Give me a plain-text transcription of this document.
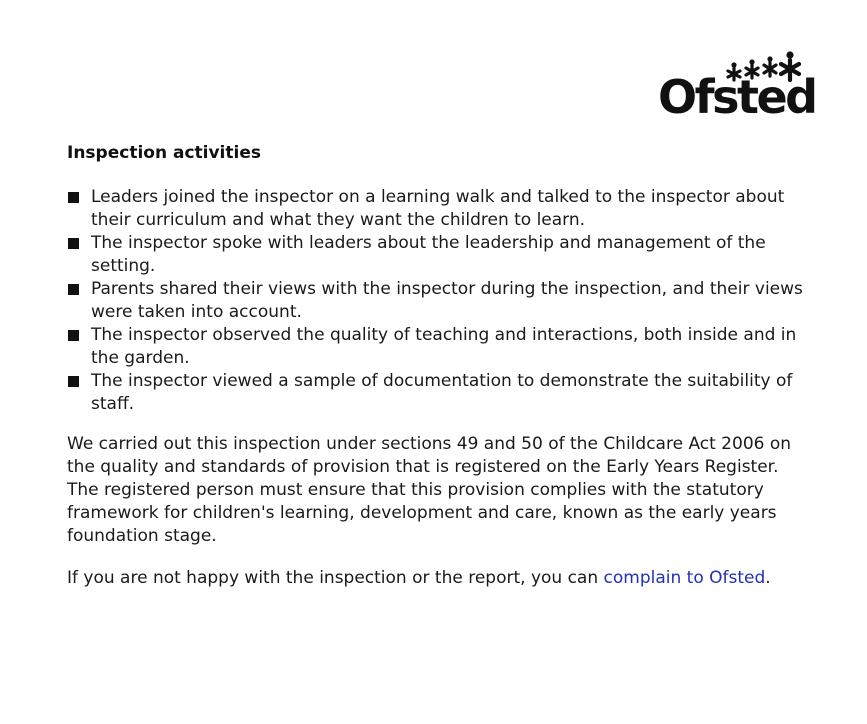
Ofsted
Inspection activities
Leaders joined the inspector on a learning walk and talked to the inspector about their curriculum and what they want the children to learn.
The inspector spoke with leaders about the leadership and management of the setting.
Parents shared their views with the inspector during the inspection, and their views were taken into account.
The inspector observed the quality of teaching and interactions, both inside and in the garden.
The inspector viewed a sample of documentation to demonstrate the suitability of staff.

We carried out this inspection under sections 49 and 50 of the Childcare Act 2006 on the quality and standards of provision that is registered on the Early Years Register. The registered person must ensure that this provision complies with the statutory framework for children's learning, development and care, known as the early years foundation stage.

If you are not happy with the inspection or the report, you can complain to Ofsted.
